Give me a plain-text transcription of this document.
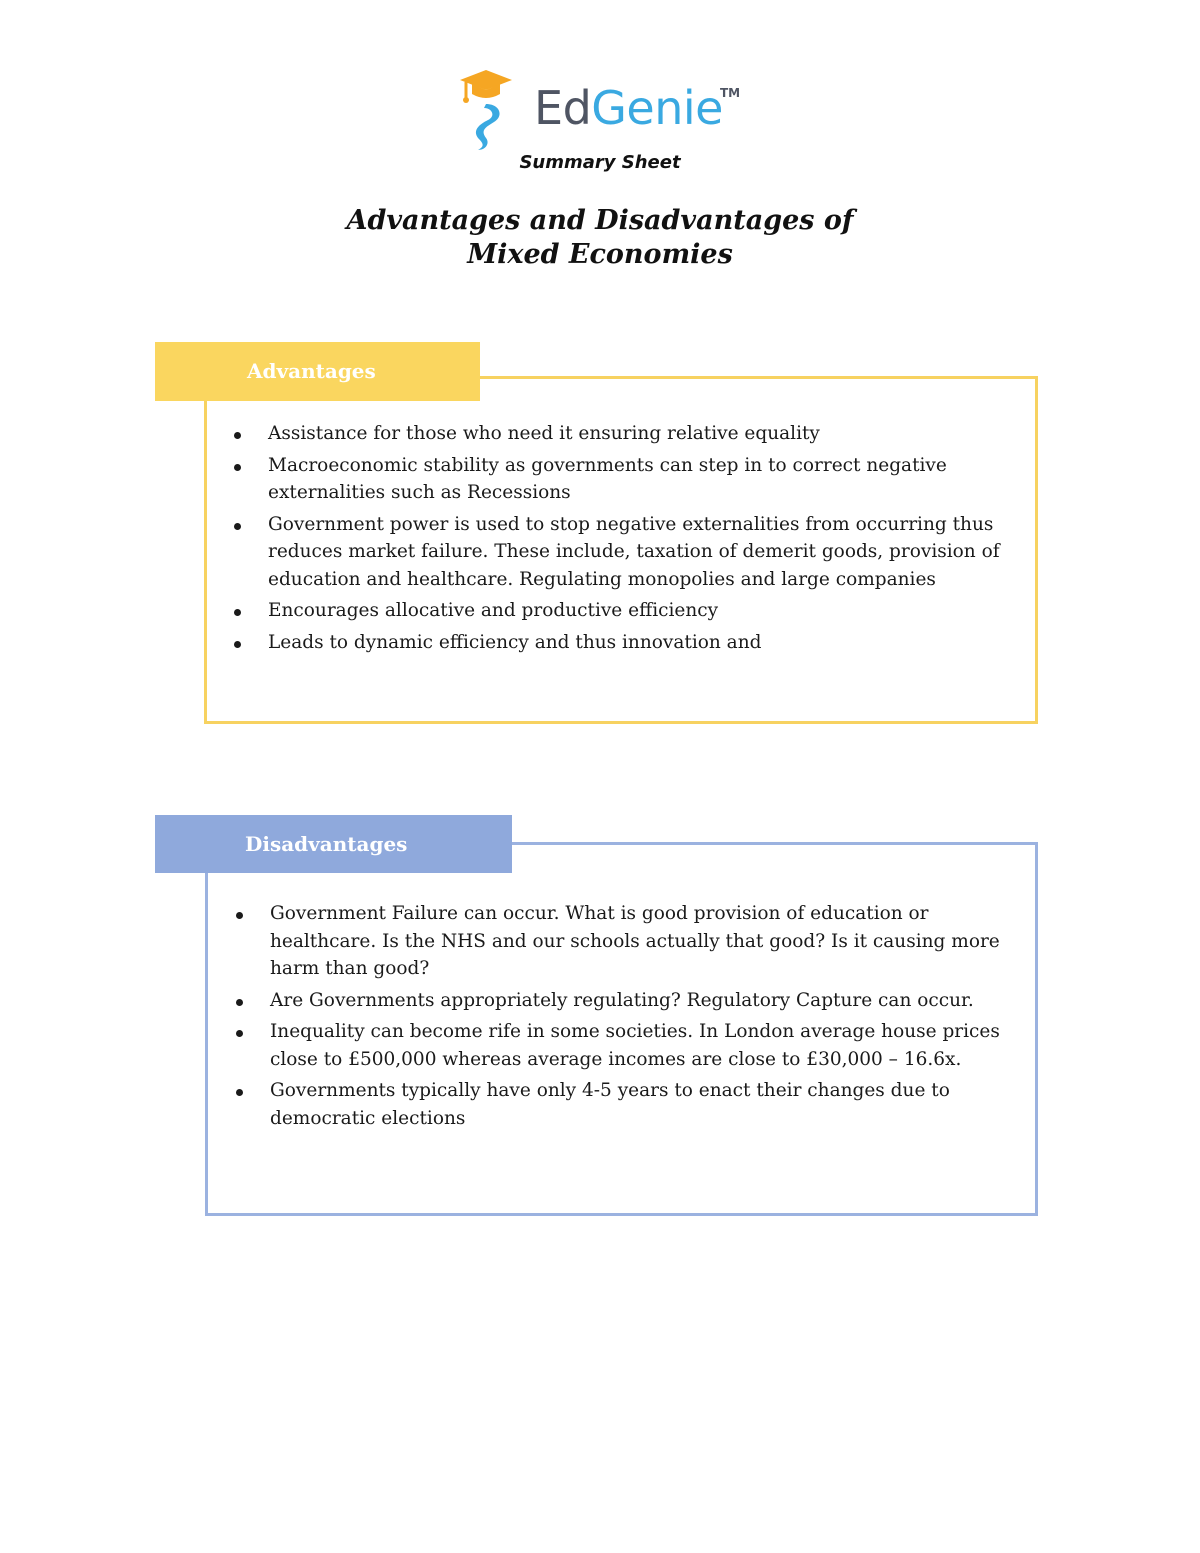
EdGenie
TM
Summary Sheet
Advantages and Disadvantages of
Mixed Economies
Advantages
Assistance for those who need it ensuring relative equality
Macroeconomic stability as governments can step in to correct negative externalities such as Recessions
Government power is used to stop negative externalities from occurring thus reduces market failure. These include, taxation of demerit goods, provision of education and healthcare. Regulating monopolies and large companies
Encourages allocative and productive efficiency
Leads to dynamic efficiency and thus innovation and
Disadvantages
Government Failure can occur. What is good provision of education or healthcare. Is the NHS and our schools actually that good? Is it causing more harm than good?
Are Governments appropriately regulating? Regulatory Capture can occur.
Inequality can become rife in some societies. In London average house prices close to £500,000 whereas average incomes are close to £30,000 – 16.6x.
Governments typically have only 4-5 years to enact their changes due to democratic elections
